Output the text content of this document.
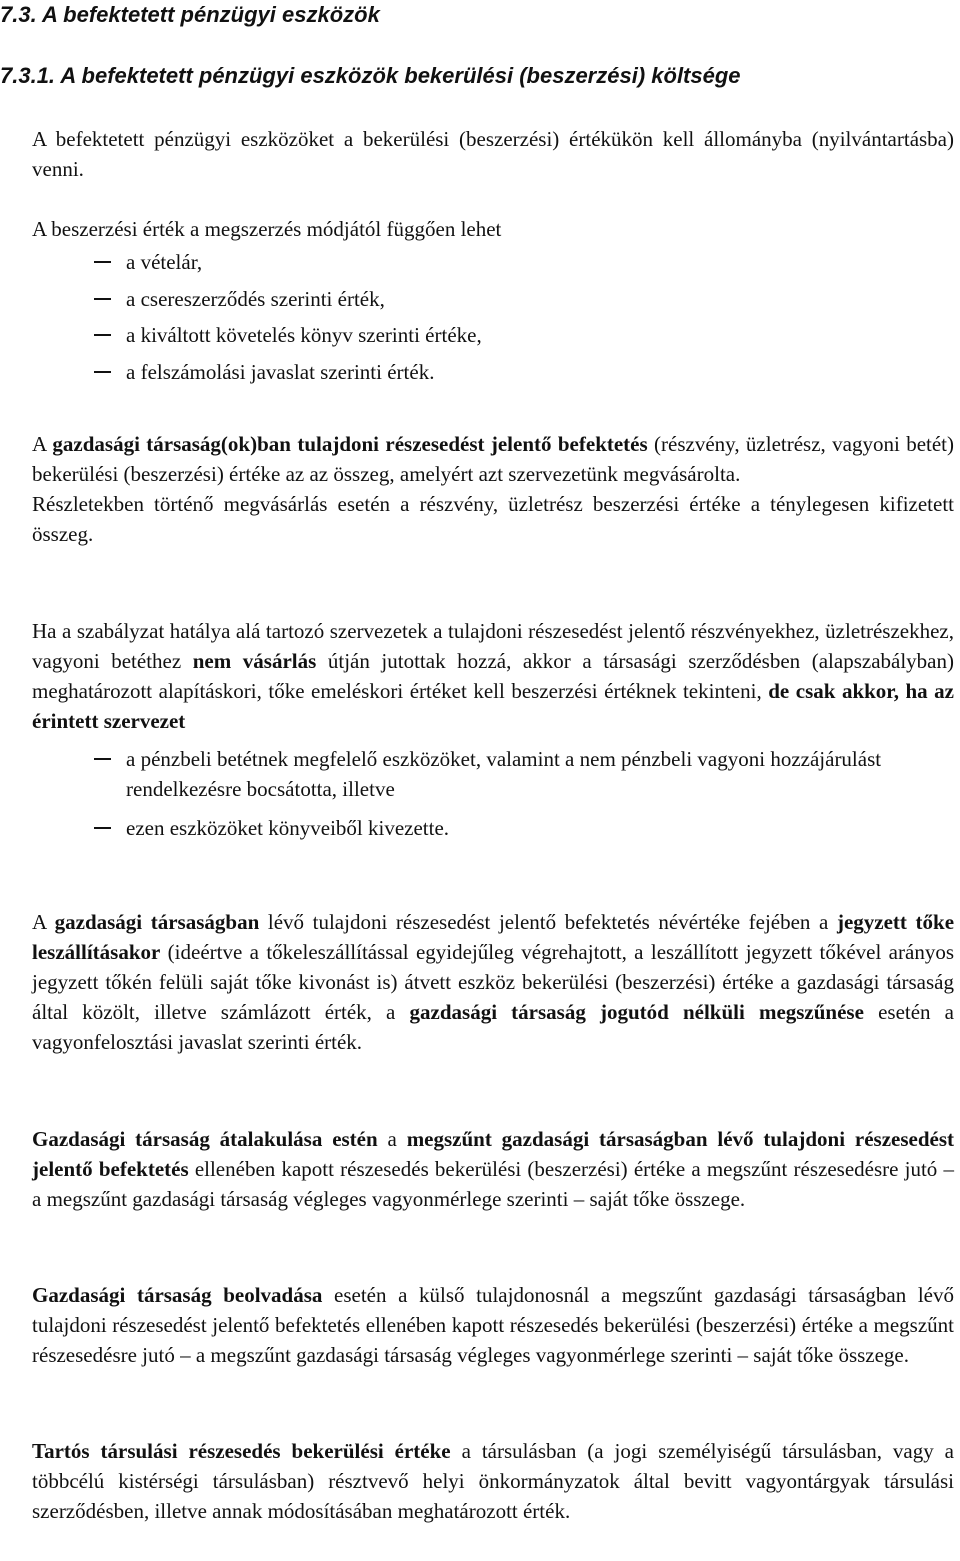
7.3. A befektetett pénzügyi eszközök
7.3.1. A befektetett pénzügyi eszközök bekerülési (beszerzési) költsége

A befektetett pénzügyi eszközöket a bekerülési (beszerzési) értékükön kell állományba (nyilvántartásba) venni.

A beszerzési érték a megszerzés módjától függően lehet

a vételár,
a csereszerződés szerinti érték,
a kiváltott követelés könyv szerinti értéke,
a felszámolási javaslat szerinti érték.

A gazdasági társaság(ok)ban tulajdoni részesedést jelentő befektetés (részvény, üzletrész, vagyoni betét) bekerülési (beszerzési) értéke az az összeg, amelyért azt szervezetünk megvásárolta.

Részletekben történő megvásárlás esetén a részvény, üzletrész beszerzési értéke a ténylegesen kifizetett összeg.

Ha a szabályzat hatálya alá tartozó szervezetek a tulajdoni részesedést jelentő részvényekhez, üzletrészekhez, vagyoni betéthez nem vásárlás útján jutottak hozzá, akkor a társasági szerződésben (alapszabályban) meghatározott alapításkori, tőke emeléskori értéket kell beszerzési értéknek tekinteni, de csak akkor, ha az érintett szervezet

a pénzbeli betétnek megfelelő eszközöket, valamint a nem pénzbeli vagyoni hozzájárulást rendelkezésre bocsátotta, illetve
ezen eszközöket könyveiből kivezette.

A gazdasági társaságban lévő tulajdoni részesedést jelentő befektetés névértéke fejében a jegyzett tőke leszállításakor (ideértve a tőkeleszállítással egyidejűleg végrehajtott, a leszállított jegyzett tőkével arányos jegyzett tőkén felüli saját tőke kivonást is) átvett eszköz bekerülési (beszerzési) értéke a gazdasági társaság által közölt, illetve számlázott érték, a gazdasági társaság jogutód nélküli megszűnése esetén a vagyonfelosztási javaslat szerinti érték.

Gazdasági társaság átalakulása estén a megszűnt gazdasági társaságban lévő tulajdoni részesedést jelentő befektetés ellenében kapott részesedés bekerülési (beszerzési) értéke a megszűnt részesedésre jutó – a megszűnt gazdasági társaság végleges vagyonmérlege szerinti – saját tőke összege.

Gazdasági társaság beolvadása esetén a külső tulajdonosnál a megszűnt gazdasági társaságban lévő tulajdoni részesedést jelentő befektetés ellenében kapott részesedés bekerülési (beszerzési) értéke a megszűnt részesedésre jutó – a megszűnt gazdasági társaság végleges vagyonmérlege szerinti – saját tőke összege.

Tartós társulási részesedés bekerülési értéke a társulásban (a jogi személyiségű társulásban, vagy a többcélú kistérségi társulásban) résztvevő helyi önkormányzatok által bevitt vagyontárgyak társulási szerződésben, illetve annak módosításában meghatározott érték.
